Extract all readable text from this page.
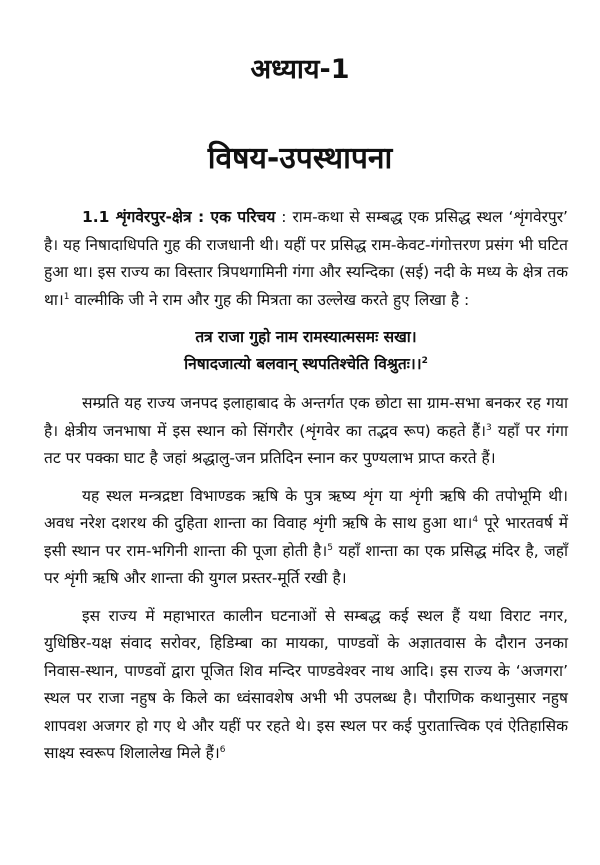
अध्याय-1
विषय-उपस्थापना

1.1 शृंगवेरपुर-क्षेत्र : एक परिचय : राम-कथा से सम्बद्ध एक प्रसिद्ध स्थल ‘शृंगवेरपुर’ है। यह निषादाधिपति गुह की राजधानी थी। यहीं पर प्रसिद्ध राम-केवट-गंगोत्तरण प्रसंग भी घटित हुआ था। इस राज्य का विस्तार त्रिपथगामिनी गंगा और स्यन्दिका (सई) नदी के मध्य के क्षेत्र तक था।$^1$ वाल्मीकि जी ने राम और गुह की मित्रता का उल्लेख करते हुए लिखा है :

तत्र राजा गुहो नाम रामस्यात्मसमः सखा।
निषादजात्यो बलवान् स्थपतिश्चेति विश्रुतः।।$^2$

सम्प्रति यह राज्य जनपद इलाहाबाद के अन्तर्गत एक छोटा सा ग्राम-सभा बनकर रह गया है। क्षेत्रीय जनभाषा में इस स्थान को सिंगरौर (शृंगवेर का तद्भव रूप) कहते हैं।$^3$ यहाँ पर गंगा तट पर पक्का घाट है जहां श्रद्धालु-जन प्रतिदिन स्नान कर पुण्यलाभ प्राप्त करते हैं।

यह स्थल मन्त्रद्रष्टा विभाण्डक ऋषि के पुत्र ऋष्य शृंग या शृंगी ऋषि की तपोभूमि थी। अवध नरेश दशरथ की दुहिता शान्ता का विवाह शृंगी ऋषि के साथ हुआ था।$^4$ पूरे भारतवर्ष में इसी स्थान पर राम-भगिनी शान्ता की पूजा होती है।$^5$ यहाँ शान्ता का एक प्रसिद्ध मंदिर है, जहाँ पर शृंगी ऋषि और शान्ता की युगल प्रस्तर-मूर्ति रखी है।

इस राज्य में महाभारत कालीन घटनाओं से सम्बद्ध कई स्थल हैं यथा विराट नगर, युधिष्ठिर-यक्ष संवाद सरोवर, हिडिम्बा का मायका, पाण्डवों के अज्ञातवास के दौरान उनका निवास-स्थान, पाण्डवों द्वारा पूजित शिव मन्दिर पाण्डवेश्वर नाथ आदि। इस राज्य के ‘अजगरा’ स्थल पर राजा नहुष के किले का ध्वंसावशेष अभी भी उपलब्ध है। पौराणिक कथानुसार नहुष शापवश अजगर हो गए थे और यहीं पर रहते थे। इस स्थल पर कई पुरातात्त्विक एवं ऐतिहासिक साक्ष्य स्वरूप शिलालेख मिले हैं।$^6$
